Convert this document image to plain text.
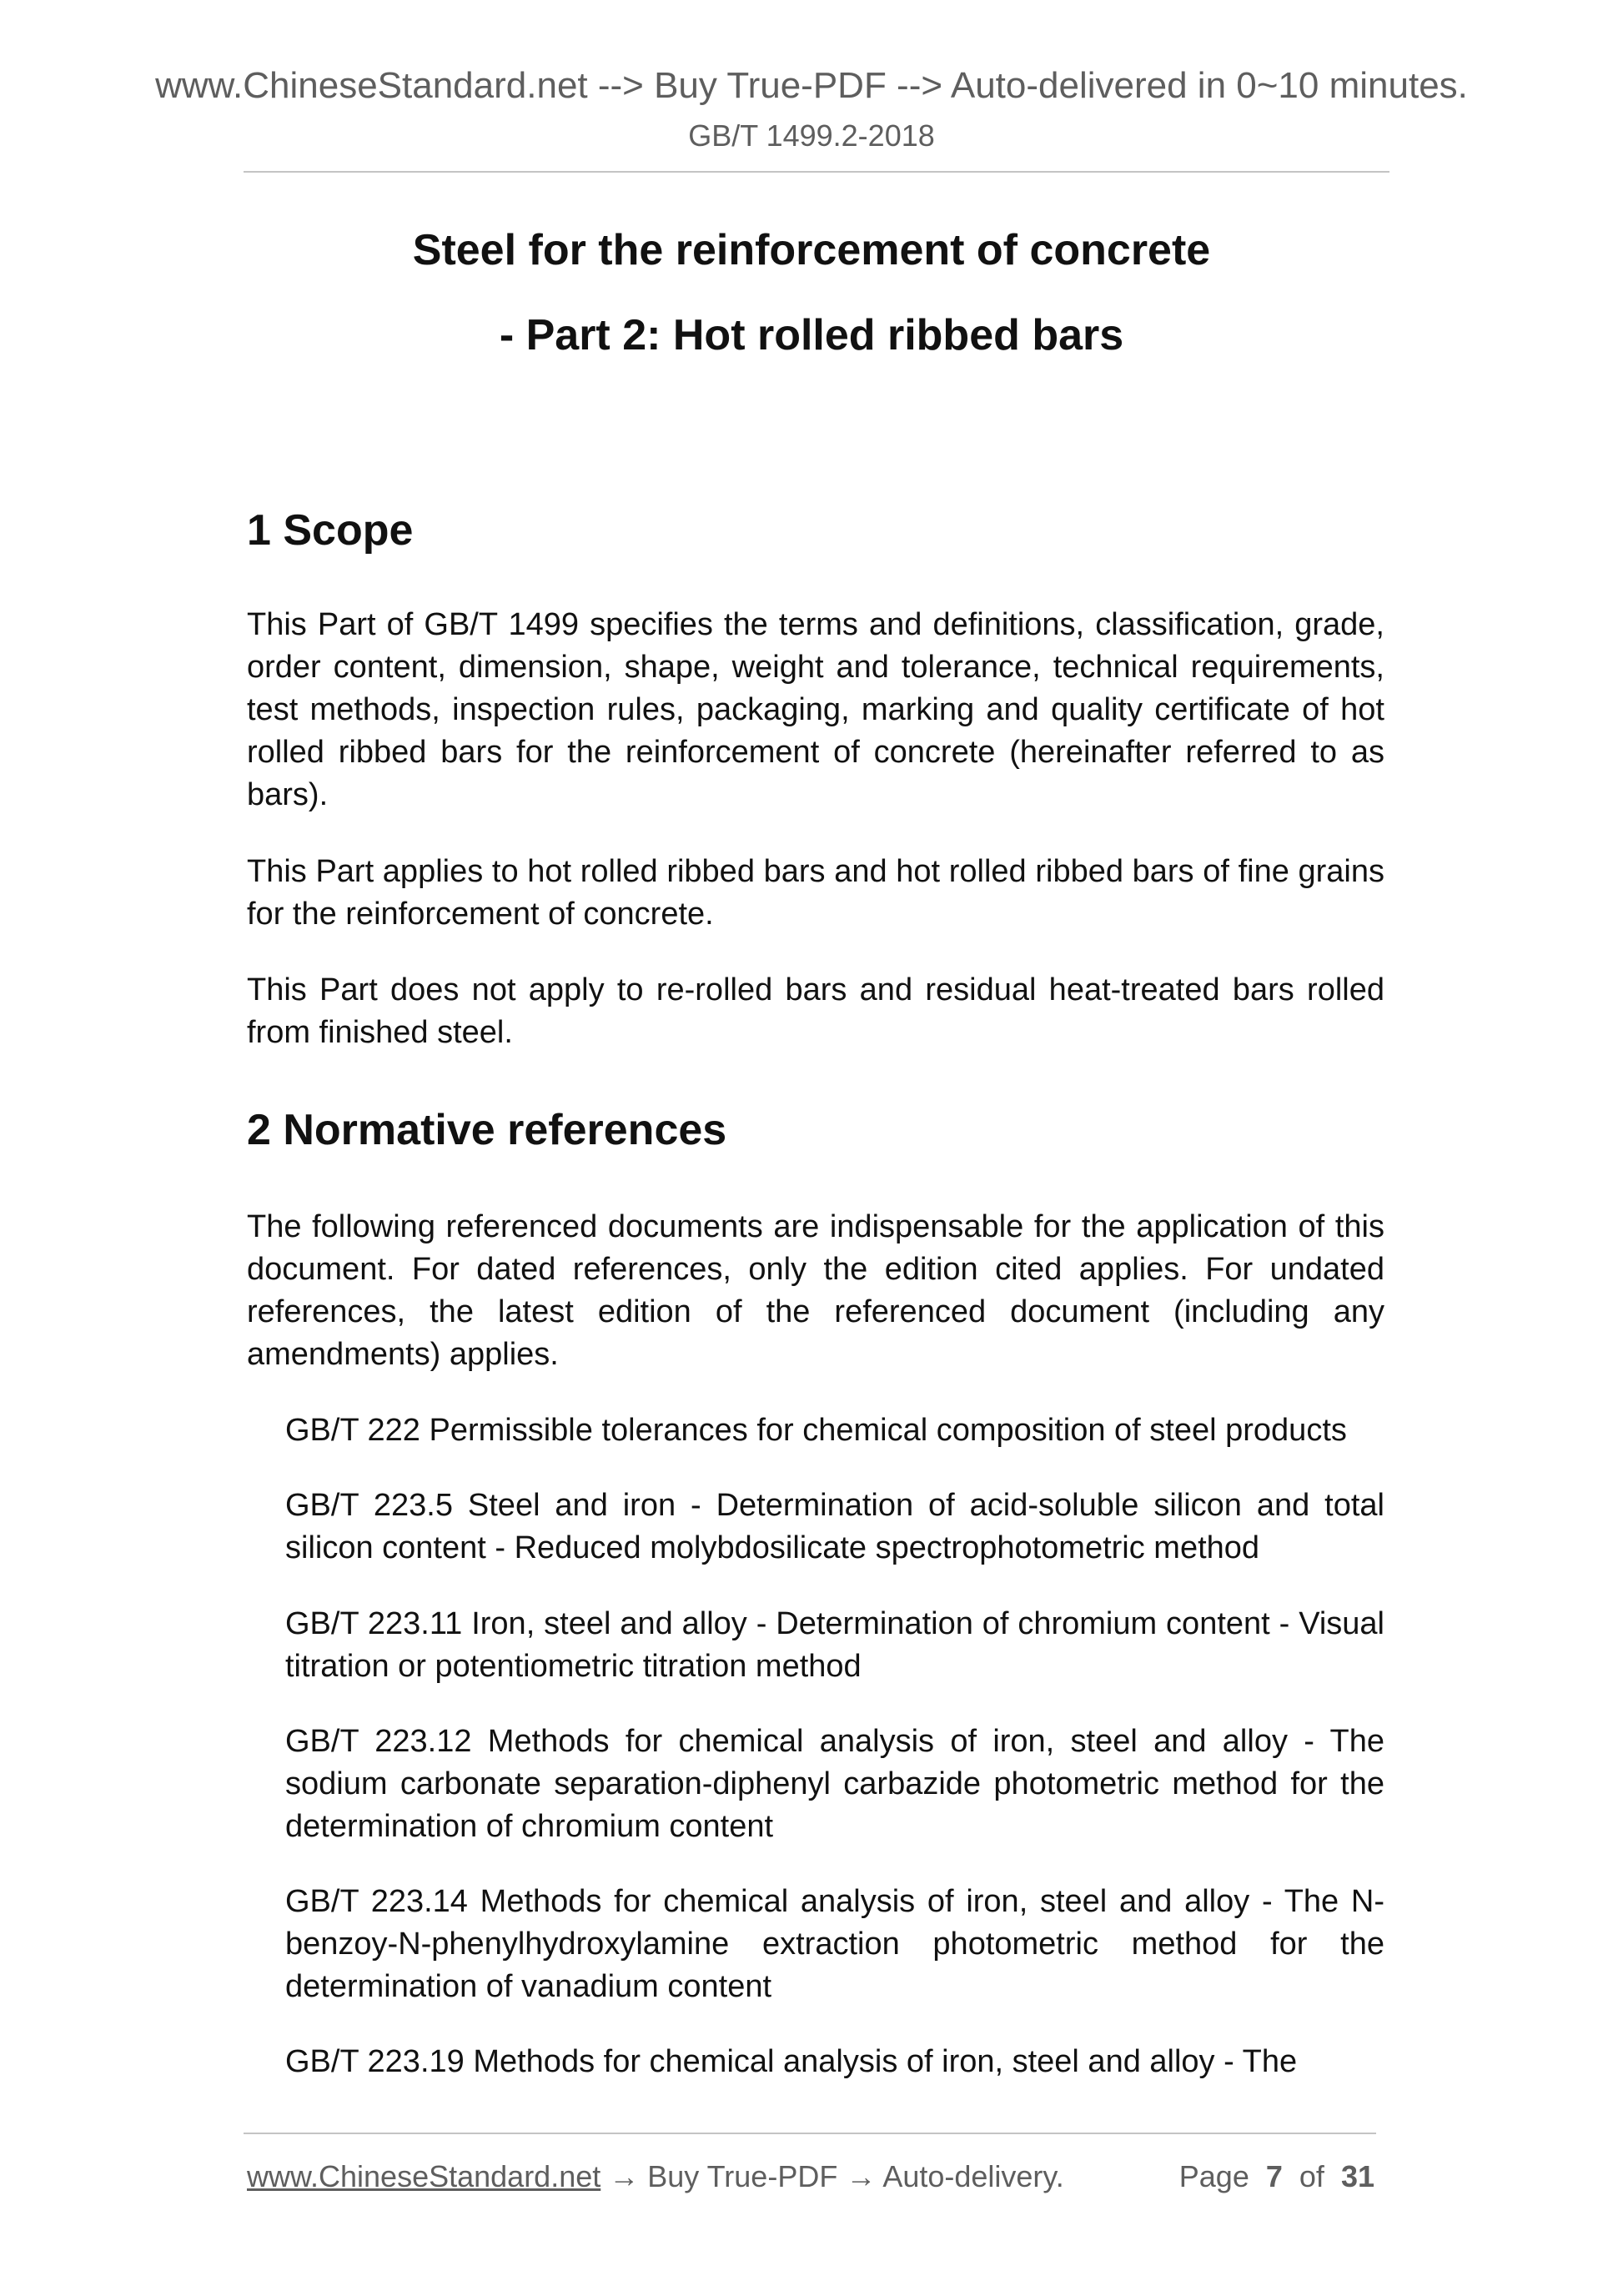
www.ChineseStandard.net --> Buy True-PDF --> Auto-delivered in 0~10 minutes.
GB/T 1499.2-2018
Steel for the reinforcement of concrete
- Part 2: Hot rolled ribbed bars
1 Scope

This Part of GB/T 1499 specifies the terms and definitions, classification, grade, order content, dimension, shape, weight and tolerance, technical requirements, test methods, inspection rules, packaging, marking and quality certificate of hot rolled ribbed bars for the reinforcement of concrete (hereinafter referred to as bars).

This Part applies to hot rolled ribbed bars and hot rolled ribbed bars of fine grains for the reinforcement of concrete.

This Part does not apply to re-rolled bars and residual heat-treated bars rolled from finished steel.

2 Normative references

The following referenced documents are indispensable for the application of this document. For dated references, only the edition cited applies. For undated references, the latest edition of the referenced document (including any amendments) applies.

GB/T 222 Permissible tolerances for chemical composition of steel products

GB/T 223.5 Steel and iron - Determination of acid-soluble silicon and total silicon content - Reduced molybdosilicate spectrophotometric method

GB/T 223.11 Iron, steel and alloy - Determination of chromium content - Visual titration or potentiometric titration method

GB/T 223.12 Methods for chemical analysis of iron, steel and alloy - The sodium carbonate separation-diphenyl carbazide photometric method for the determination of chromium content

GB/T 223.14 Methods for chemical analysis of iron, steel and alloy - The N-benzoy-N-phenylhydroxylamine extraction photometric method for the determination of vanadium content

GB/T 223.19 Methods for chemical analysis of iron, steel and alloy - The

www.ChineseStandard.net → Buy True-PDF → Auto-delivery.	Page 7 of 31
